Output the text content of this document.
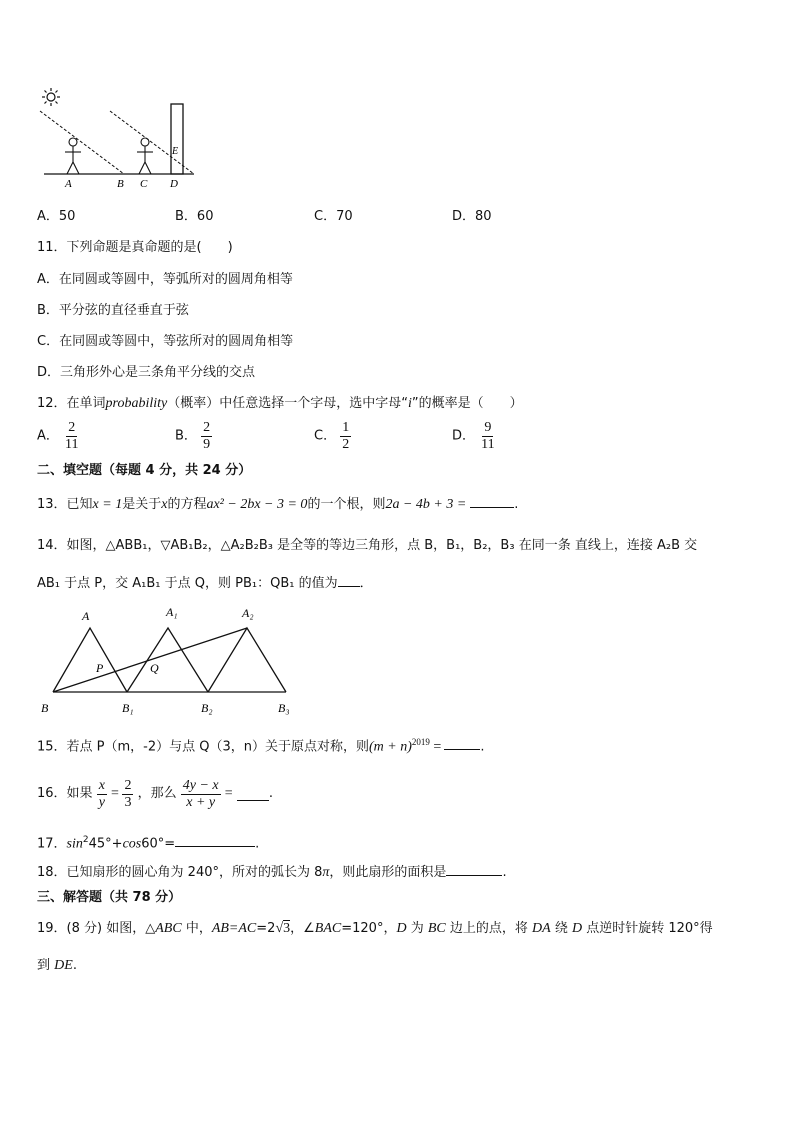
E
A	B C D
A．50	B．60	C．70	D．80
11．下列命题是真命题的是(　　)
A．在同圆或等圆中，等弧所对的圆周角相等
B．平分弦的直径垂直于弦
C．在同圆或等圆中，等弦所对的圆周角相等
D．三角形外心是三条角平分线的交点
12．在单词probability（概率）中任意选择一个字母，选中字母“i”的概率是（　　）
A． $\frac{2}{11}$	B． $\frac{2}{9}$	C． $\frac{1}{2}$	D． $\frac{9}{11}$
二、填空题（每题 4 分，共 24 分）
13．已知x = 1是关于x的方程ax² − 2bx − 3 = 0的一个根，则2a − 4b + 3 =	.
14．如图，△ABB₁，▽AB₁B₂，△A₂B₂B₃ 是全等的等边三角形，点 B，B₁，B₂，B₃ 在同一条 直线上，连接 A₂B 交
AB₁ 于点 P，交 A₁B₁ 于点 Q，则 PB₁：QB₁ 的值为 ．
A	A₁	A₂
P	Q
B	B₁	B₂	B₃
15．若点 P（m，-2）与点 Q（3，n）关于原点对称，则$(m + n)^{2019}$ =	.
16．如果 $\frac{x}{y} = \frac{2}{3}$ ，那么 $\frac{4y - x}{x + y}$ =	.
17．$\sin^245^\circ+\cos 60^\circ=$	.
18．已知扇形的圆心角为 240°，所对的弧长为 8π，则此扇形的面积是	.
三、解答题（共 78 分）
19．(8 分) 如图，△ABC 中，AB=AC=2√3，∠BAC=120°，D 为 BC 边上的点，将 DA 绕 D 点逆时针旋转 120°得
到 DE.
